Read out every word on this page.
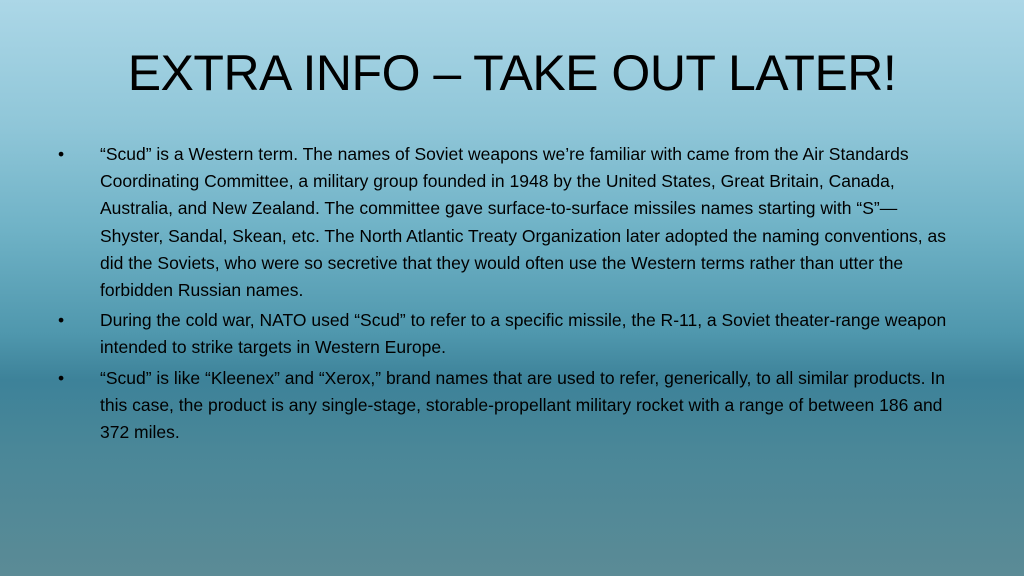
EXTRA INFO – TAKE OUT LATER!
• “Scud” is a Western term. The names of Soviet weapons we’re familiar with came from the Air Standards Coordinating Committee, a military group founded in 1948 by the United States, Great Britain, Canada, Australia, and New Zealand. The committee gave surface-to-surface missiles names starting with “S”—Shyster, Sandal, Skean, etc. The North Atlantic Treaty Organization later adopted the naming conventions, as did the Soviets, who were so secretive that they would often use the Western terms rather than utter the forbidden Russian names.
• During the cold war, NATO used “Scud” to refer to a specific missile, the R-11, a Soviet theater-range weapon intended to strike targets in Western Europe.
• “Scud” is like “Kleenex” and “Xerox,” brand names that are used to refer, generically, to all similar products. In this case, the product is any single-stage, storable-propellant military rocket with a range of between 186 and 372 miles.
